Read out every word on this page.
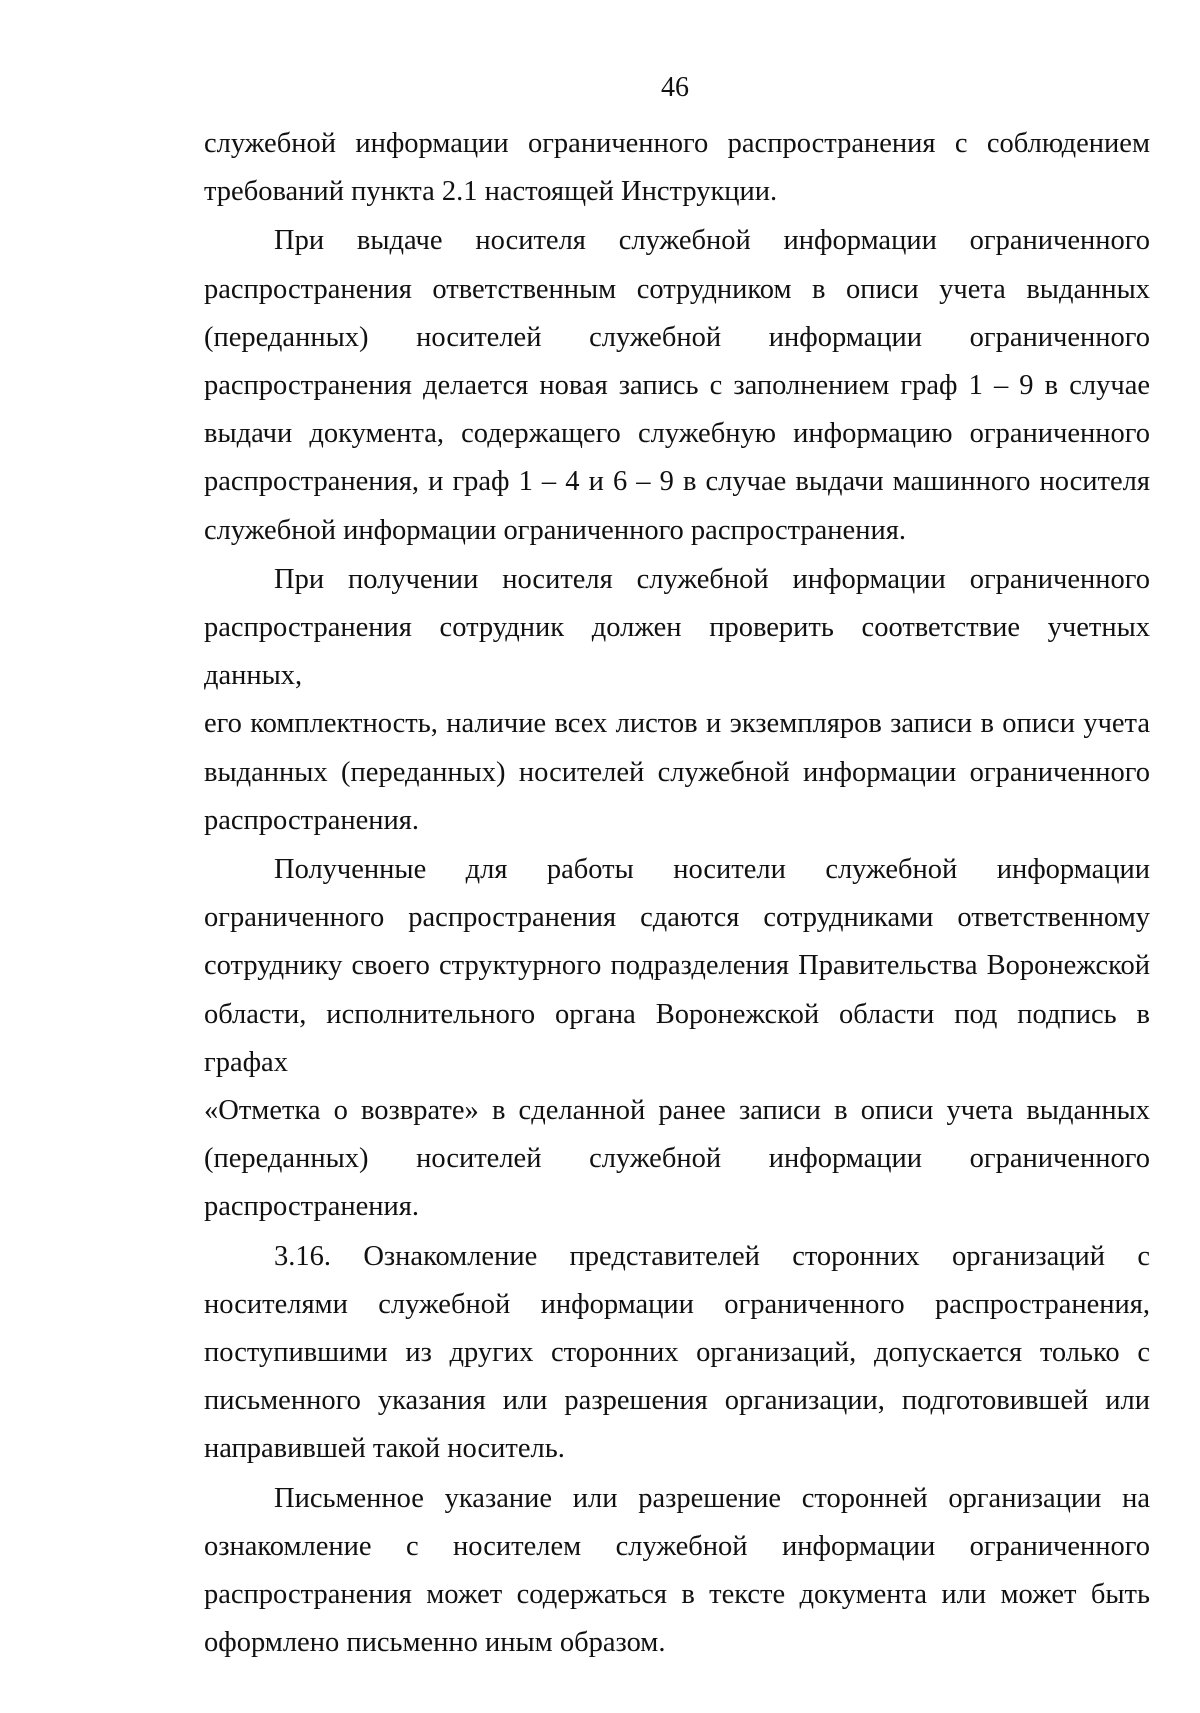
46

служебной информации ограниченного распространения с соблюдением
требований пункта 2.1 настоящей Инструкции.

При выдаче носителя служебной информации ограниченного
распространения ответственным сотрудником в описи учета выданных
(переданных) носителей служебной информации ограниченного
распространения делается новая запись с заполнением граф 1 – 9 в случае
выдачи документа, содержащего служебную информацию ограниченного
распространения, и граф 1 – 4 и 6 – 9 в случае выдачи машинного носителя
служебной информации ограниченного распространения.

При получении носителя служебной информации ограниченного
распространения сотрудник должен проверить соответствие учетных данных,
его комплектность, наличие всех листов и экземпляров записи в описи учета
выданных (переданных) носителей служебной информации ограниченного
распространения.

Полученные для работы носители служебной информации
ограниченного распространения сдаются сотрудниками ответственному
сотруднику своего структурного подразделения Правительства Воронежской
области, исполнительного органа Воронежской области под подпись в графах
«Отметка о возврате» в сделанной ранее записи в описи учета выданных
(переданных) носителей служебной информации ограниченного
распространения.

3.16. Ознакомление представителей сторонних организаций с
носителями служебной информации ограниченного распространения,
поступившими из других сторонних организаций, допускается только с
письменного указания или разрешения организации, подготовившей или
направившей такой носитель.

Письменное указание или разрешение сторонней организации на
ознакомление с носителем служебной информации ограниченного
распространения может содержаться в тексте документа или может быть
оформлено письменно иным образом.
